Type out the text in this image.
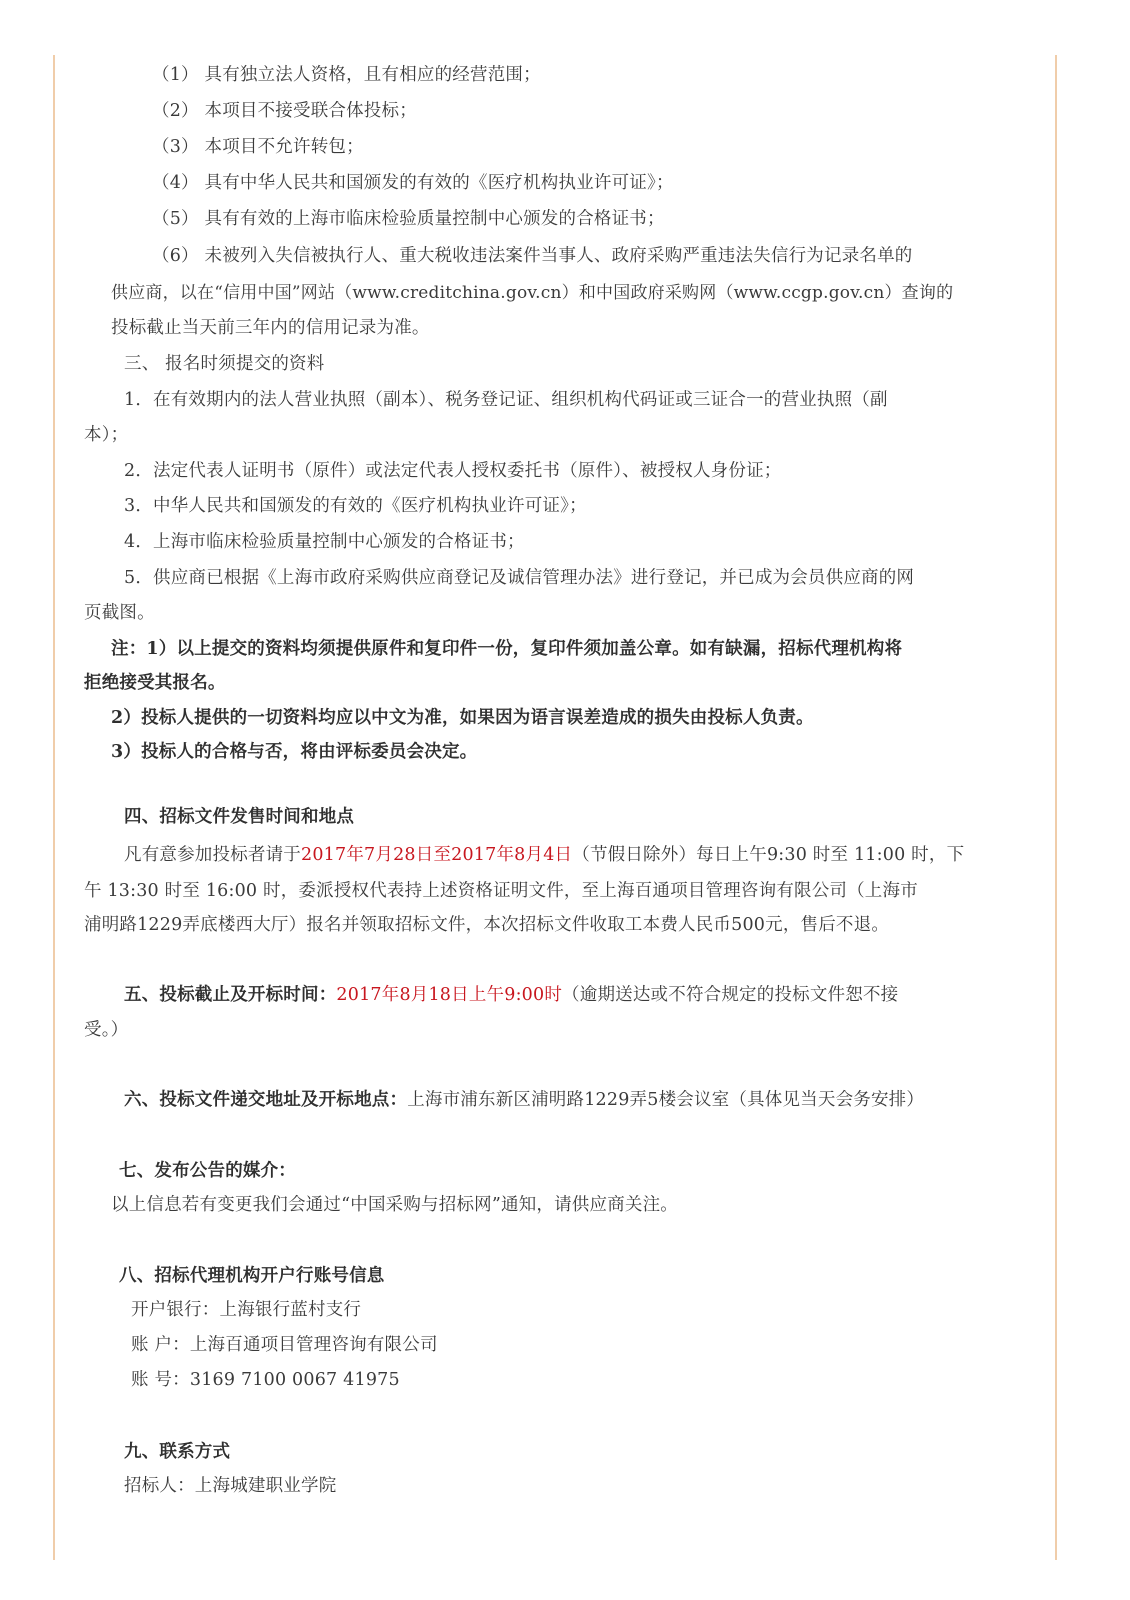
（1） 具有独立法人资格，且有相应的经营范围；
（2） 本项目不接受联合体投标；
（3） 本项目不允许转包；
（4） 具有中华人民共和国颁发的有效的《医疗机构执业许可证》；
（5） 具有有效的上海市临床检验质量控制中心颁发的合格证书；
（6） 未被列入失信被执行人、重大税收违法案件当事人、政府采购严重违法失信行为记录名单的
供应商，以在“信用中国”网站（www.creditchina.gov.cn）和中国政府采购网（www.ccgp.gov.cn）查询的
投标截止当天前三年内的信用记录为准。
三、 报名时须提交的资料
1．在有效期内的法人营业执照（副本）、税务登记证、组织机构代码证或三证合一的营业执照（副
本）；
2．法定代表人证明书（原件）或法定代表人授权委托书（原件）、被授权人身份证；
3．中华人民共和国颁发的有效的《医疗机构执业许可证》；
4．上海市临床检验质量控制中心颁发的合格证书；
5．供应商已根据《上海市政府采购供应商登记及诚信管理办法》进行登记，并已成为会员供应商的网
页截图。
注：1）以上提交的资料均须提供原件和复印件一份，复印件须加盖公章。如有缺漏，招标代理机构将
拒绝接受其报名。
2）投标人提供的一切资料均应以中文为准，如果因为语言误差造成的损失由投标人负责。
3）投标人的合格与否，将由评标委员会决定。
四、招标文件发售时间和地点
凡有意参加投标者请于2017年7月28日至2017年8月4日（节假日除外）每日上午9:30 时至 11:00 时，下
午 13:30 时至 16:00 时，委派授权代表持上述资格证明文件，至上海百通项目管理咨询有限公司（上海市
浦明路1229弄底楼西大厅）报名并领取招标文件，本次招标文件收取工本费人民币500元，售后不退。
五、投标截止及开标时间：2017年8月18日上午9:00时（逾期送达或不符合规定的投标文件恕不接
受。）
六、投标文件递交地址及开标地点：上海市浦东新区浦明路1229弄5楼会议室（具体见当天会务安排）
七、发布公告的媒介：
以上信息若有变更我们会通过“中国采购与招标网”通知，请供应商关注。
八、招标代理机构开户行账号信息
开户银行：上海银行蓝村支行
账 户：上海百通项目管理咨询有限公司
账 号：3169 7100 0067 41975
九、联系方式
招标人：上海城建职业学院
